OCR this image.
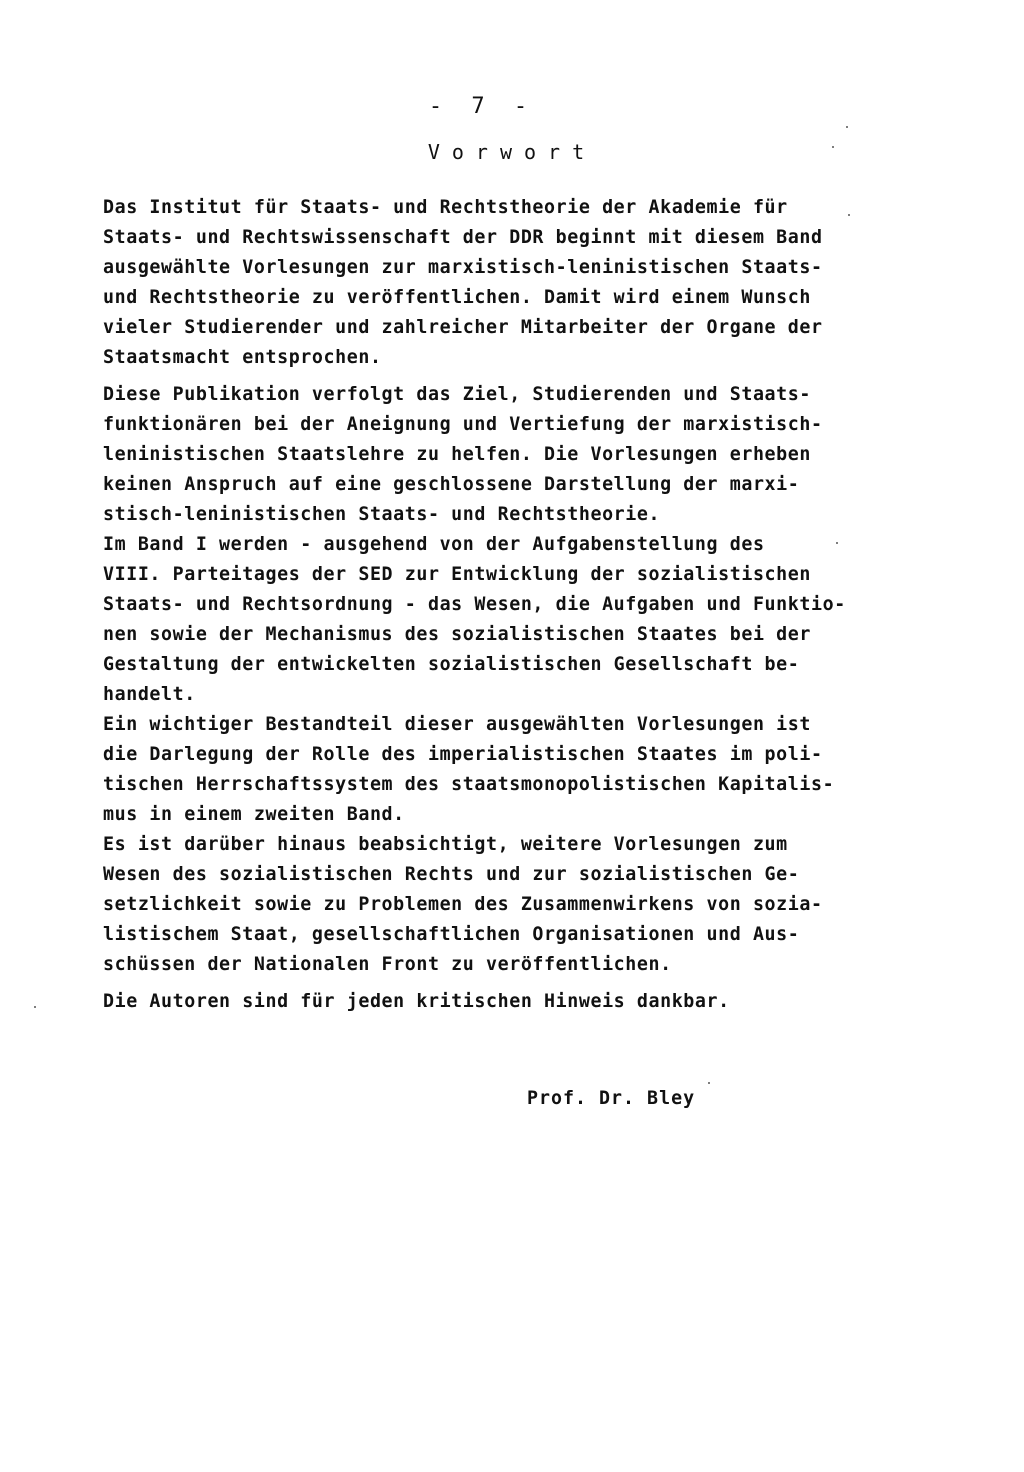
- 7 -
Vorwort

Das Institut für Staats- und Rechtstheorie der Akademie für
Staats- und Rechtswissenschaft der DDR beginnt mit diesem Band
ausgewählte Vorlesungen zur marxistisch-leninistischen Staats-
und Rechtstheorie zu veröffentlichen. Damit wird einem Wunsch
vieler Studierender und zahlreicher Mitarbeiter der Organe der
Staatsmacht entsprochen.

Diese Publikation verfolgt das Ziel, Studierenden und Staats-
funktionären bei der Aneignung und Vertiefung der marxistisch-
leninistischen Staatslehre zu helfen. Die Vorlesungen erheben
keinen Anspruch auf eine geschlossene Darstellung der marxi-
stisch-leninistischen Staats- und Rechtstheorie.

Im Band I werden - ausgehend von der Aufgabenstellung des
VIII. Parteitages der SED zur Entwicklung der sozialistischen
Staats- und Rechtsordnung - das Wesen, die Aufgaben und Funktio-
nen sowie der Mechanismus des sozialistischen Staates bei der
Gestaltung der entwickelten sozialistischen Gesellschaft be-
handelt.

Ein wichtiger Bestandteil dieser ausgewählten Vorlesungen ist
die Darlegung der Rolle des imperialistischen Staates im poli-
tischen Herrschaftssystem des staatsmonopolistischen Kapitalis-
mus in einem zweiten Band.

Es ist darüber hinaus beabsichtigt, weitere Vorlesungen zum
Wesen des sozialistischen Rechts und zur sozialistischen Ge-
setzlichkeit sowie zu Problemen des Zusammenwirkens von sozia-
listischem Staat, gesellschaftlichen Organisationen und Aus-
schüssen der Nationalen Front zu veröffentlichen.

Die Autoren sind für jeden kritischen Hinweis dankbar.

Prof. Dr. Bley
